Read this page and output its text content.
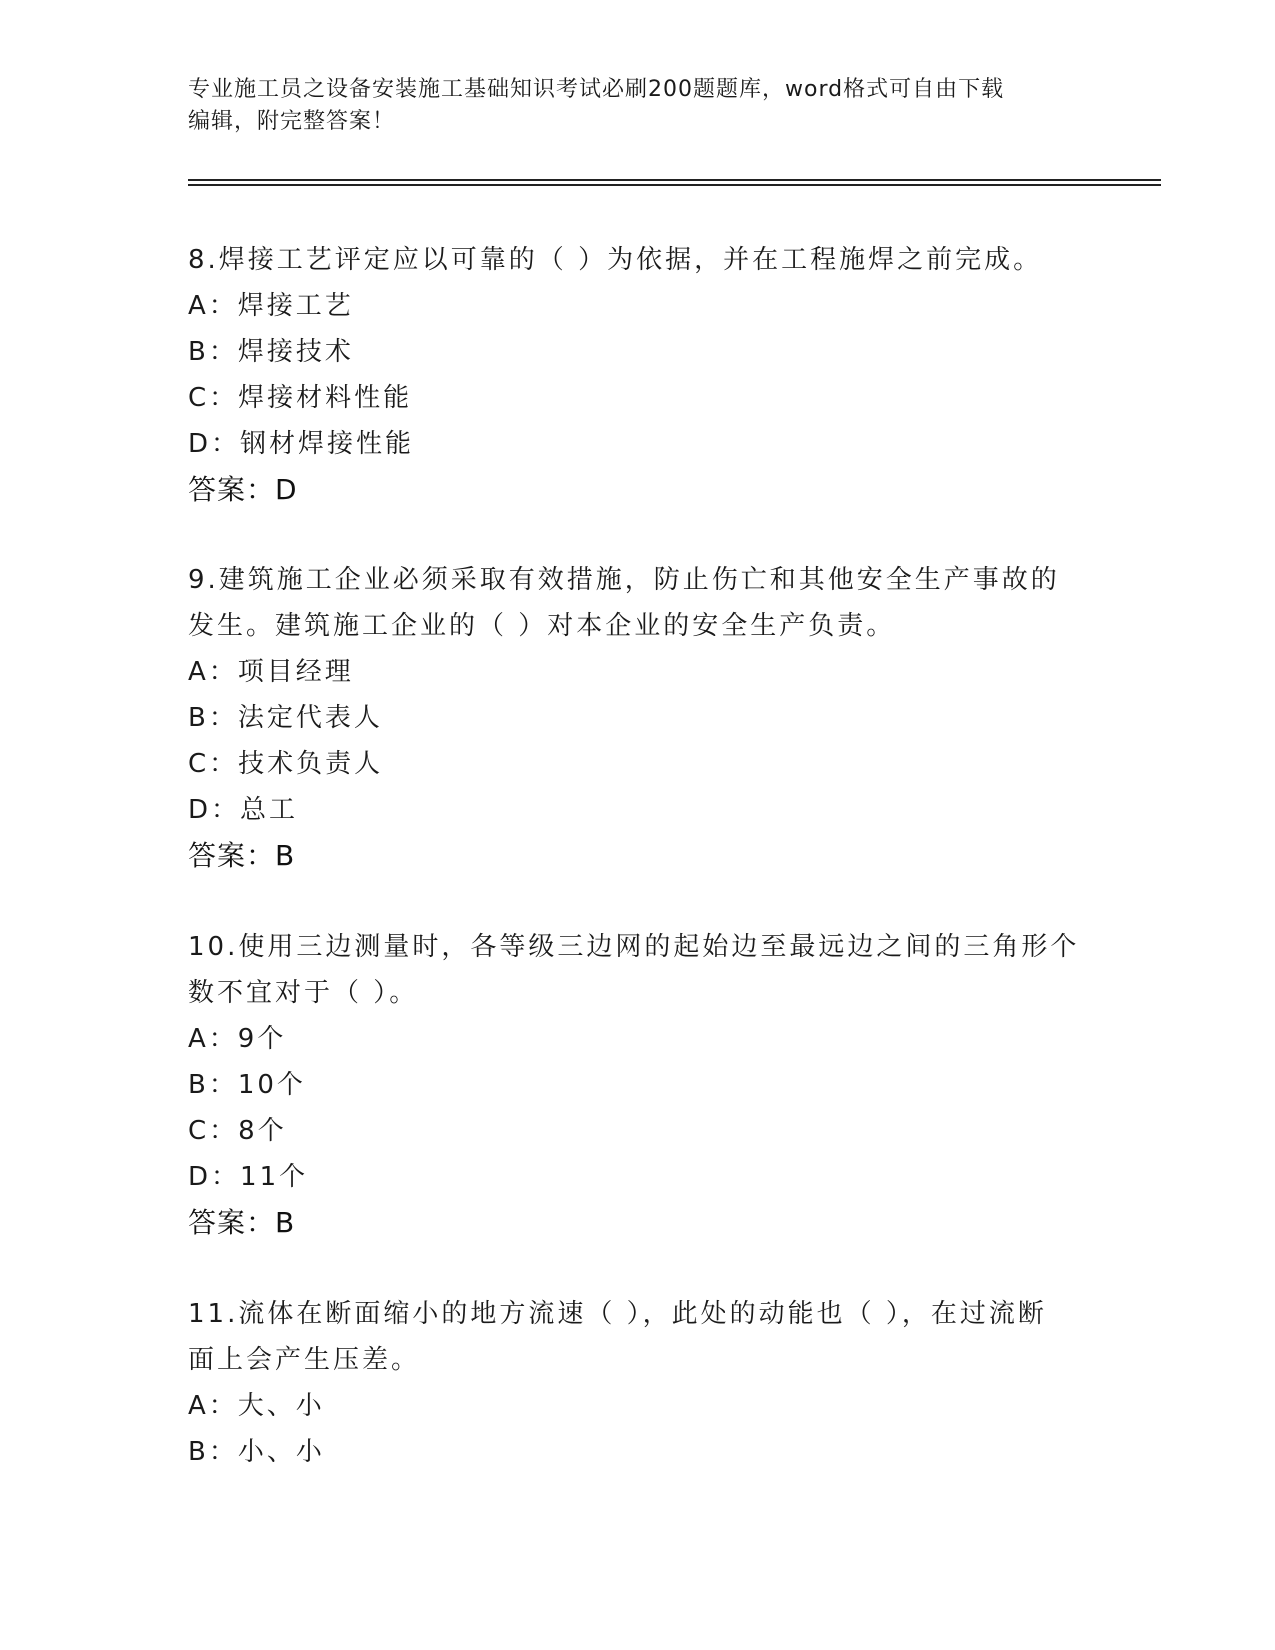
专业施工员之设备安装施工基础知识考试必刷200题题库，word格式可自由下载
编辑，附完整答案！
8.焊接工艺评定应以可靠的（ ）为依据，并在工程施焊之前完成。
A：焊接工艺
B：焊接技术
C：焊接材料性能
D：钢材焊接性能
答案：D
9.建筑施工企业必须采取有效措施，防止伤亡和其他安全生产事故的
发生。建筑施工企业的（ ）对本企业的安全生产负责。
A：项目经理
B：法定代表人
C：技术负责人
D：总工
答案：B
10.使用三边测量时，各等级三边网的起始边至最远边之间的三角形个
数不宜对于（ ）。
A：9个
B：10个
C：8个
D：11个
答案：B
11.流体在断面缩小的地方流速（ ），此处的动能也（ ），在过流断
面上会产生压差。
A：大、小
B：小、小
